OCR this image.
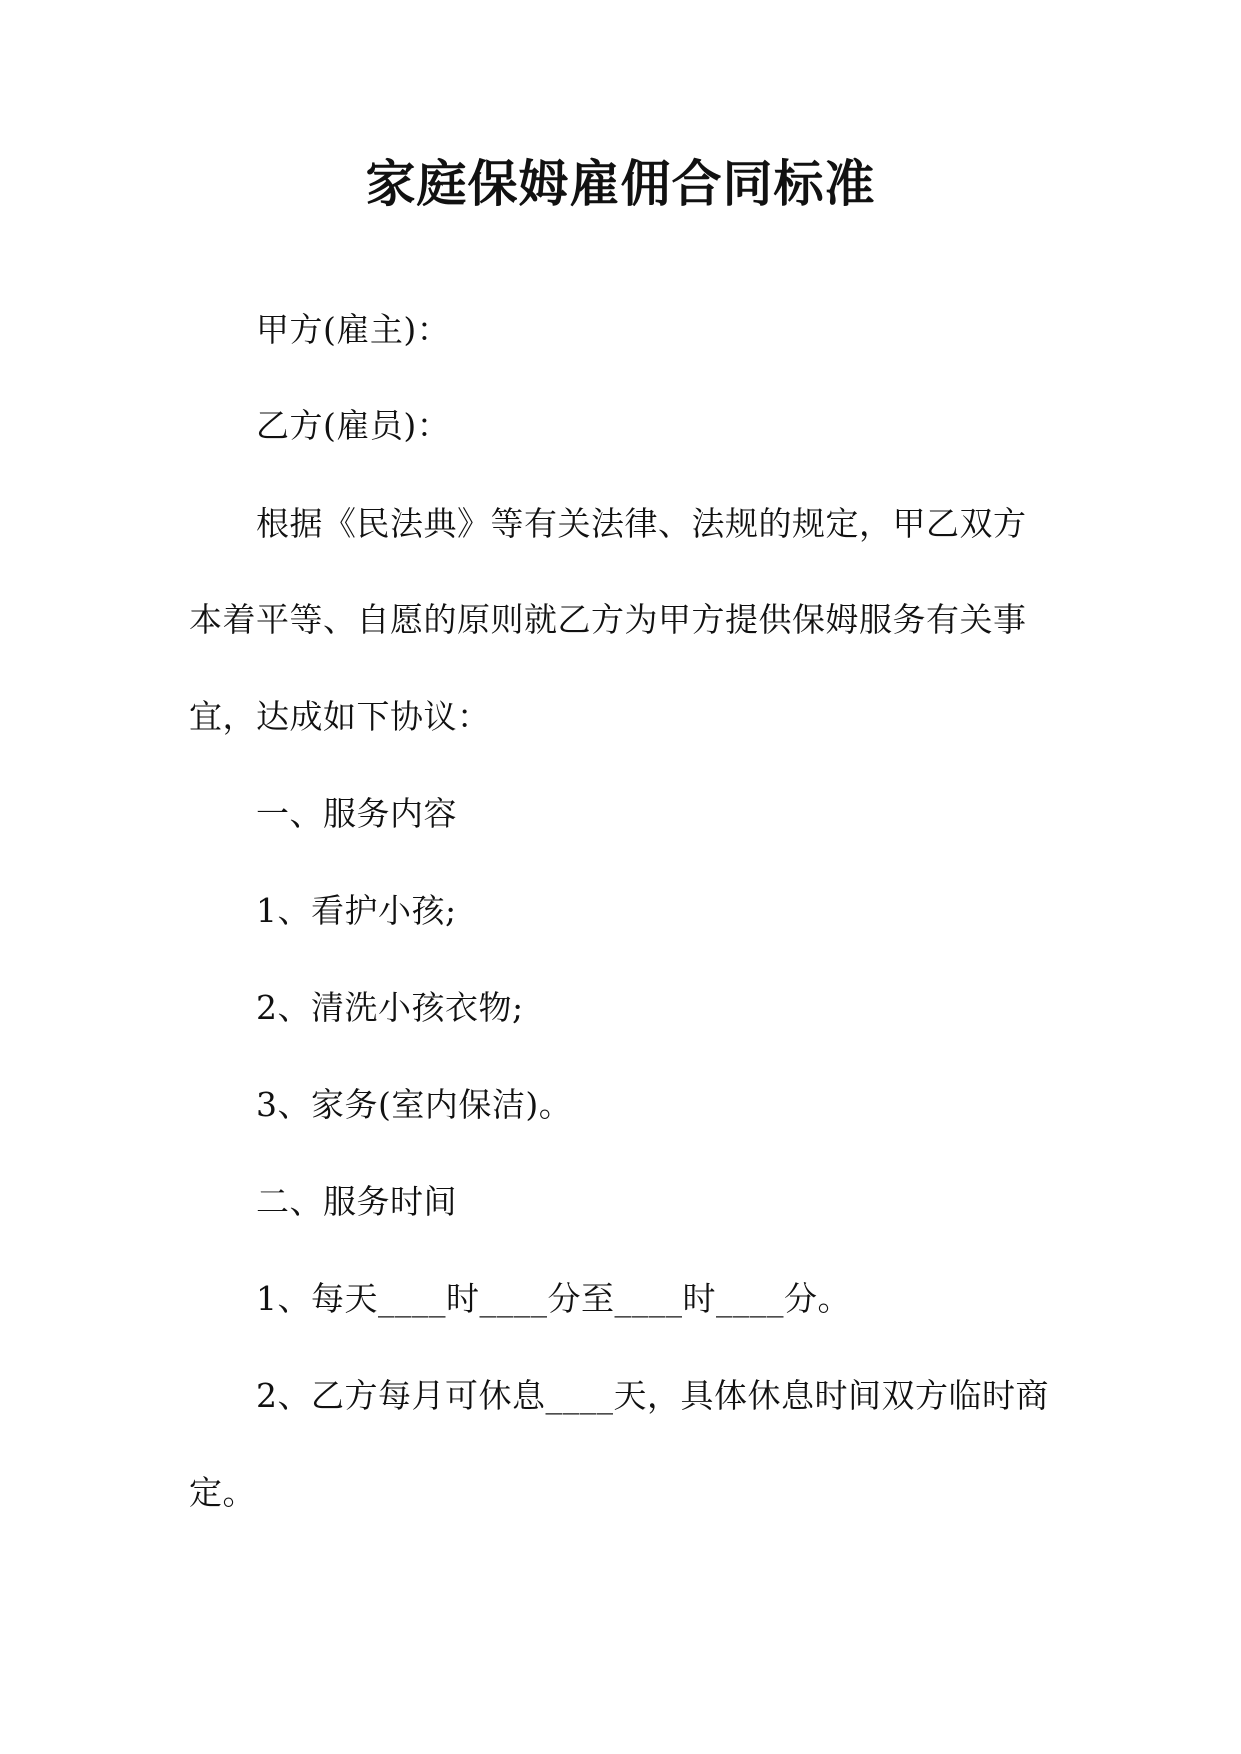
家庭保姆雇佣合同标准
甲方(雇主)：
乙方(雇员)：
根据《民法典》等有关法律、法规的规定，甲乙双方
本着平等、自愿的原则就乙方为甲方提供保姆服务有关事
宜，达成如下协议：
一、服务内容
1、看护小孩;
2、清洗小孩衣物;
3、家务(室内保洁)。
二、服务时间
1、每天____时____分至____时____分。
2、乙方每月可休息____天，具体休息时间双方临时商
定。
